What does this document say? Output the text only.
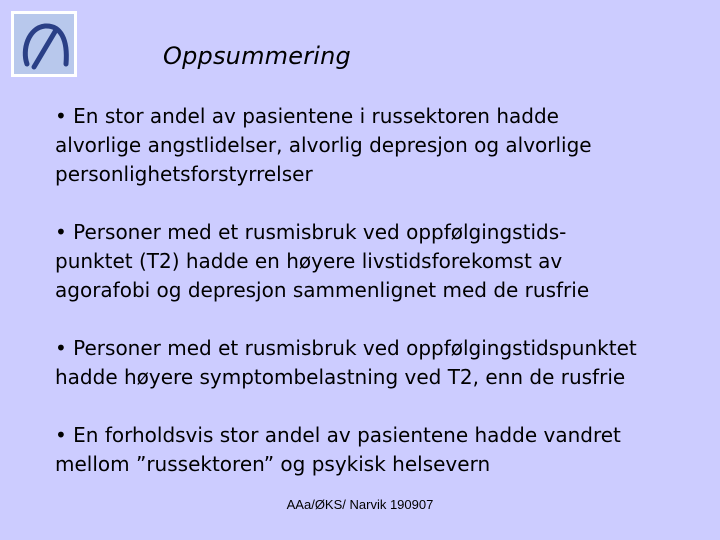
Oppsummering
• En stor andel av pasientene i russektoren hadde
alvorlige angstlidelser, alvorlig depresjon og alvorlige
personlighetsforstyrrelser
• Personer med et rusmisbruk ved oppfølgingstids-
punktet (T2) hadde en høyere livstidsforekomst av
agorafobi og depresjon sammenlignet med de rusfrie
• Personer med et rusmisbruk ved oppfølgingstidspunktet
hadde høyere symptombelastning ved T2, enn de rusfrie
• En forholdsvis stor andel av pasientene hadde vandret
mellom ”russektoren” og psykisk helsevern
AAa/ØKS/ Narvik 190907
